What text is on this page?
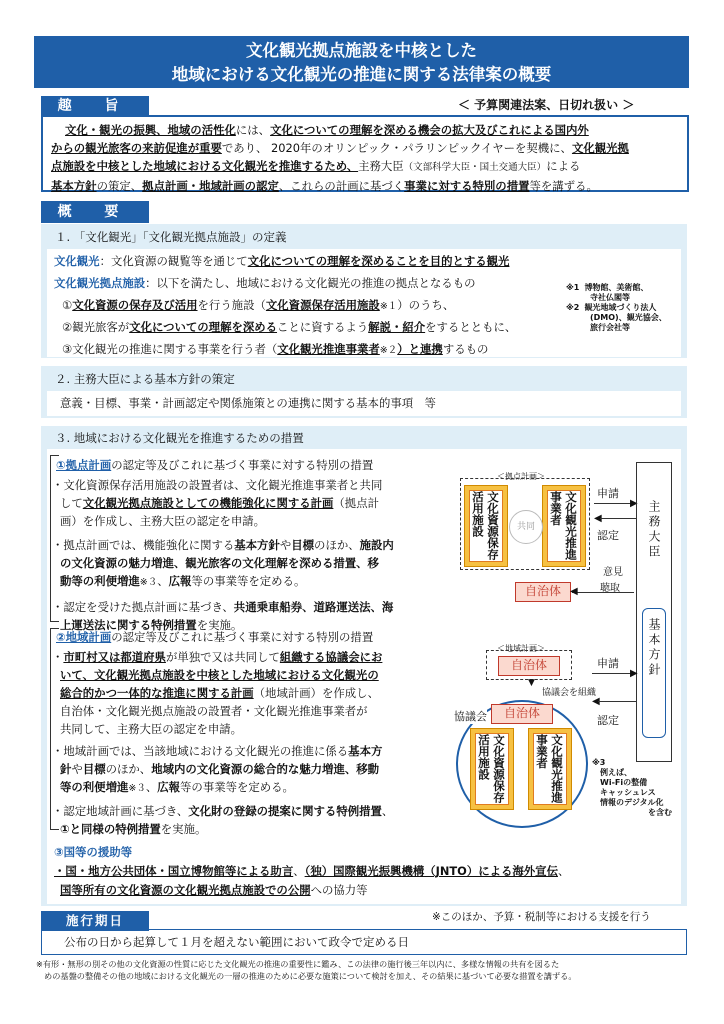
文化観光拠点施設を中核とした
地域における文化観光の推進に関する法律案の概要
趣 旨	＜ 予算関連法案、日切れ扱い ＞
文化・観光の振興、地域の活性化には、文化についての理解を深める機会の拡大及びこれによる国内外
からの観光旅客の来訪促進が重要であり、 2020年のオリンピック・パラリンピックイヤーを契機に、文化観光拠
点施設を中核とした地域における文化観光を推進するため、主務大臣（文部科学大臣・国土交通大臣）による
基本方針の策定、拠点計画・地域計画の認定、これらの計画に基づく事業に対する特別の措置等を講ずる。
概 要
１. 「文化観光」「文化観光拠点施設」の定義
文化観光：文化資源の観覧等を通じて文化についての理解を深めることを目的とする観光
文化観光拠点施設：以下を満たし、地域における文化観光の推進の拠点となるもの
①文化資源の保存及び活用を行う施設（文化資源保存活用施設※１）のうち、
②観光旅客が文化についての理解を深めることに資するよう解説・紹介をするとともに、
③文化観光の推進に関する事業を行う者（文化観光推進事業者※２）と連携するもの
※1 博物館、美術館、
寺社仏閣等
※2 観光地域づくり法人
(DMO)、観光協会、
旅行会社等
２. 主務大臣による基本方針の策定
意義・目標、事業・計画認定や関係施策との連携に関する基本的事項　等
３. 地域における文化観光を推進するための措置
①拠点計画の認定等及びこれに基づく事業に対する特別の措置
・文化資源保存活用施設の設置者は、文化観光推進事業者と共同
して文化観光拠点施設としての機能強化に関する計画（拠点計
画）を作成し、主務大臣の認定を申請。
・拠点計画では、機能強化に関する基本方針や目標のほか、施設内
の文化資源の魅力増進、観光旅客の文化理解を深める措置、移
動等の利便増進※３、広報等の事業等を定める。
・認定を受けた拠点計画に基づき、共通乗車船券、道路運送法、海
上運送法に関する特例措置を実施。
＜拠点計画＞
文化資源保存活用施設	文化観光推進事業者
共同
申請
▶
◀
認定
自治体 ◀
意見
聴取
主務大臣
基本方針
②地域計画の認定等及びこれに基づく事業に対する特別の措置
・市町村又は都道府県が単独で又は共同して組織する協議会にお
いて、文化観光拠点施設を中核とした地域における文化観光の
総合的かつ一体的な推進に関する計画（地域計画）を作成し、
自治体・文化観光拠点施設の設置者・文化観光推進事業者が
共同して、主務大臣の認定を申請。
・地域計画では、当該地域における文化観光の推進に係る基本方
針や目標のほか、地域内の文化資源の総合的な魅力増進、移動
等の利便増進※３、広報等の事業等を定める。
・認定地域計画に基づき、文化財の登録の提案に関する特例措置、
①と同様の特例措置を実施。
＜地域計画＞
自治体
▼
協議会を組織
協議会	自治体
文化資源保存活用施設	文化観光推進事業者
申請
▶
◀
認定
※3
例えば、
Wi-Fiの整備
キャッシュレス
情報のデジタル化
を含む
③国等の援助等
・国・地方公共団体・国立博物館等による助言、（独）国際観光振興機構（JNTO）による海外宣伝、
国等所有の文化資源の文化観光拠点施設での公開への協力等
施行期日	※このほか、予算・税制等における支援を行う
公布の日から起算して１月を超えない範囲において政令で定める日
※有形・無形の別その他の文化資源の性質に応じた文化観光の推進の重要性に鑑み、この法律の施行後三年以内に、多様な情報の共有を図るた
めの基盤の整備その他の地域における文化観光の一層の推進のために必要な施策について検討を加え、その結果に基づいて必要な措置を講ずる。
